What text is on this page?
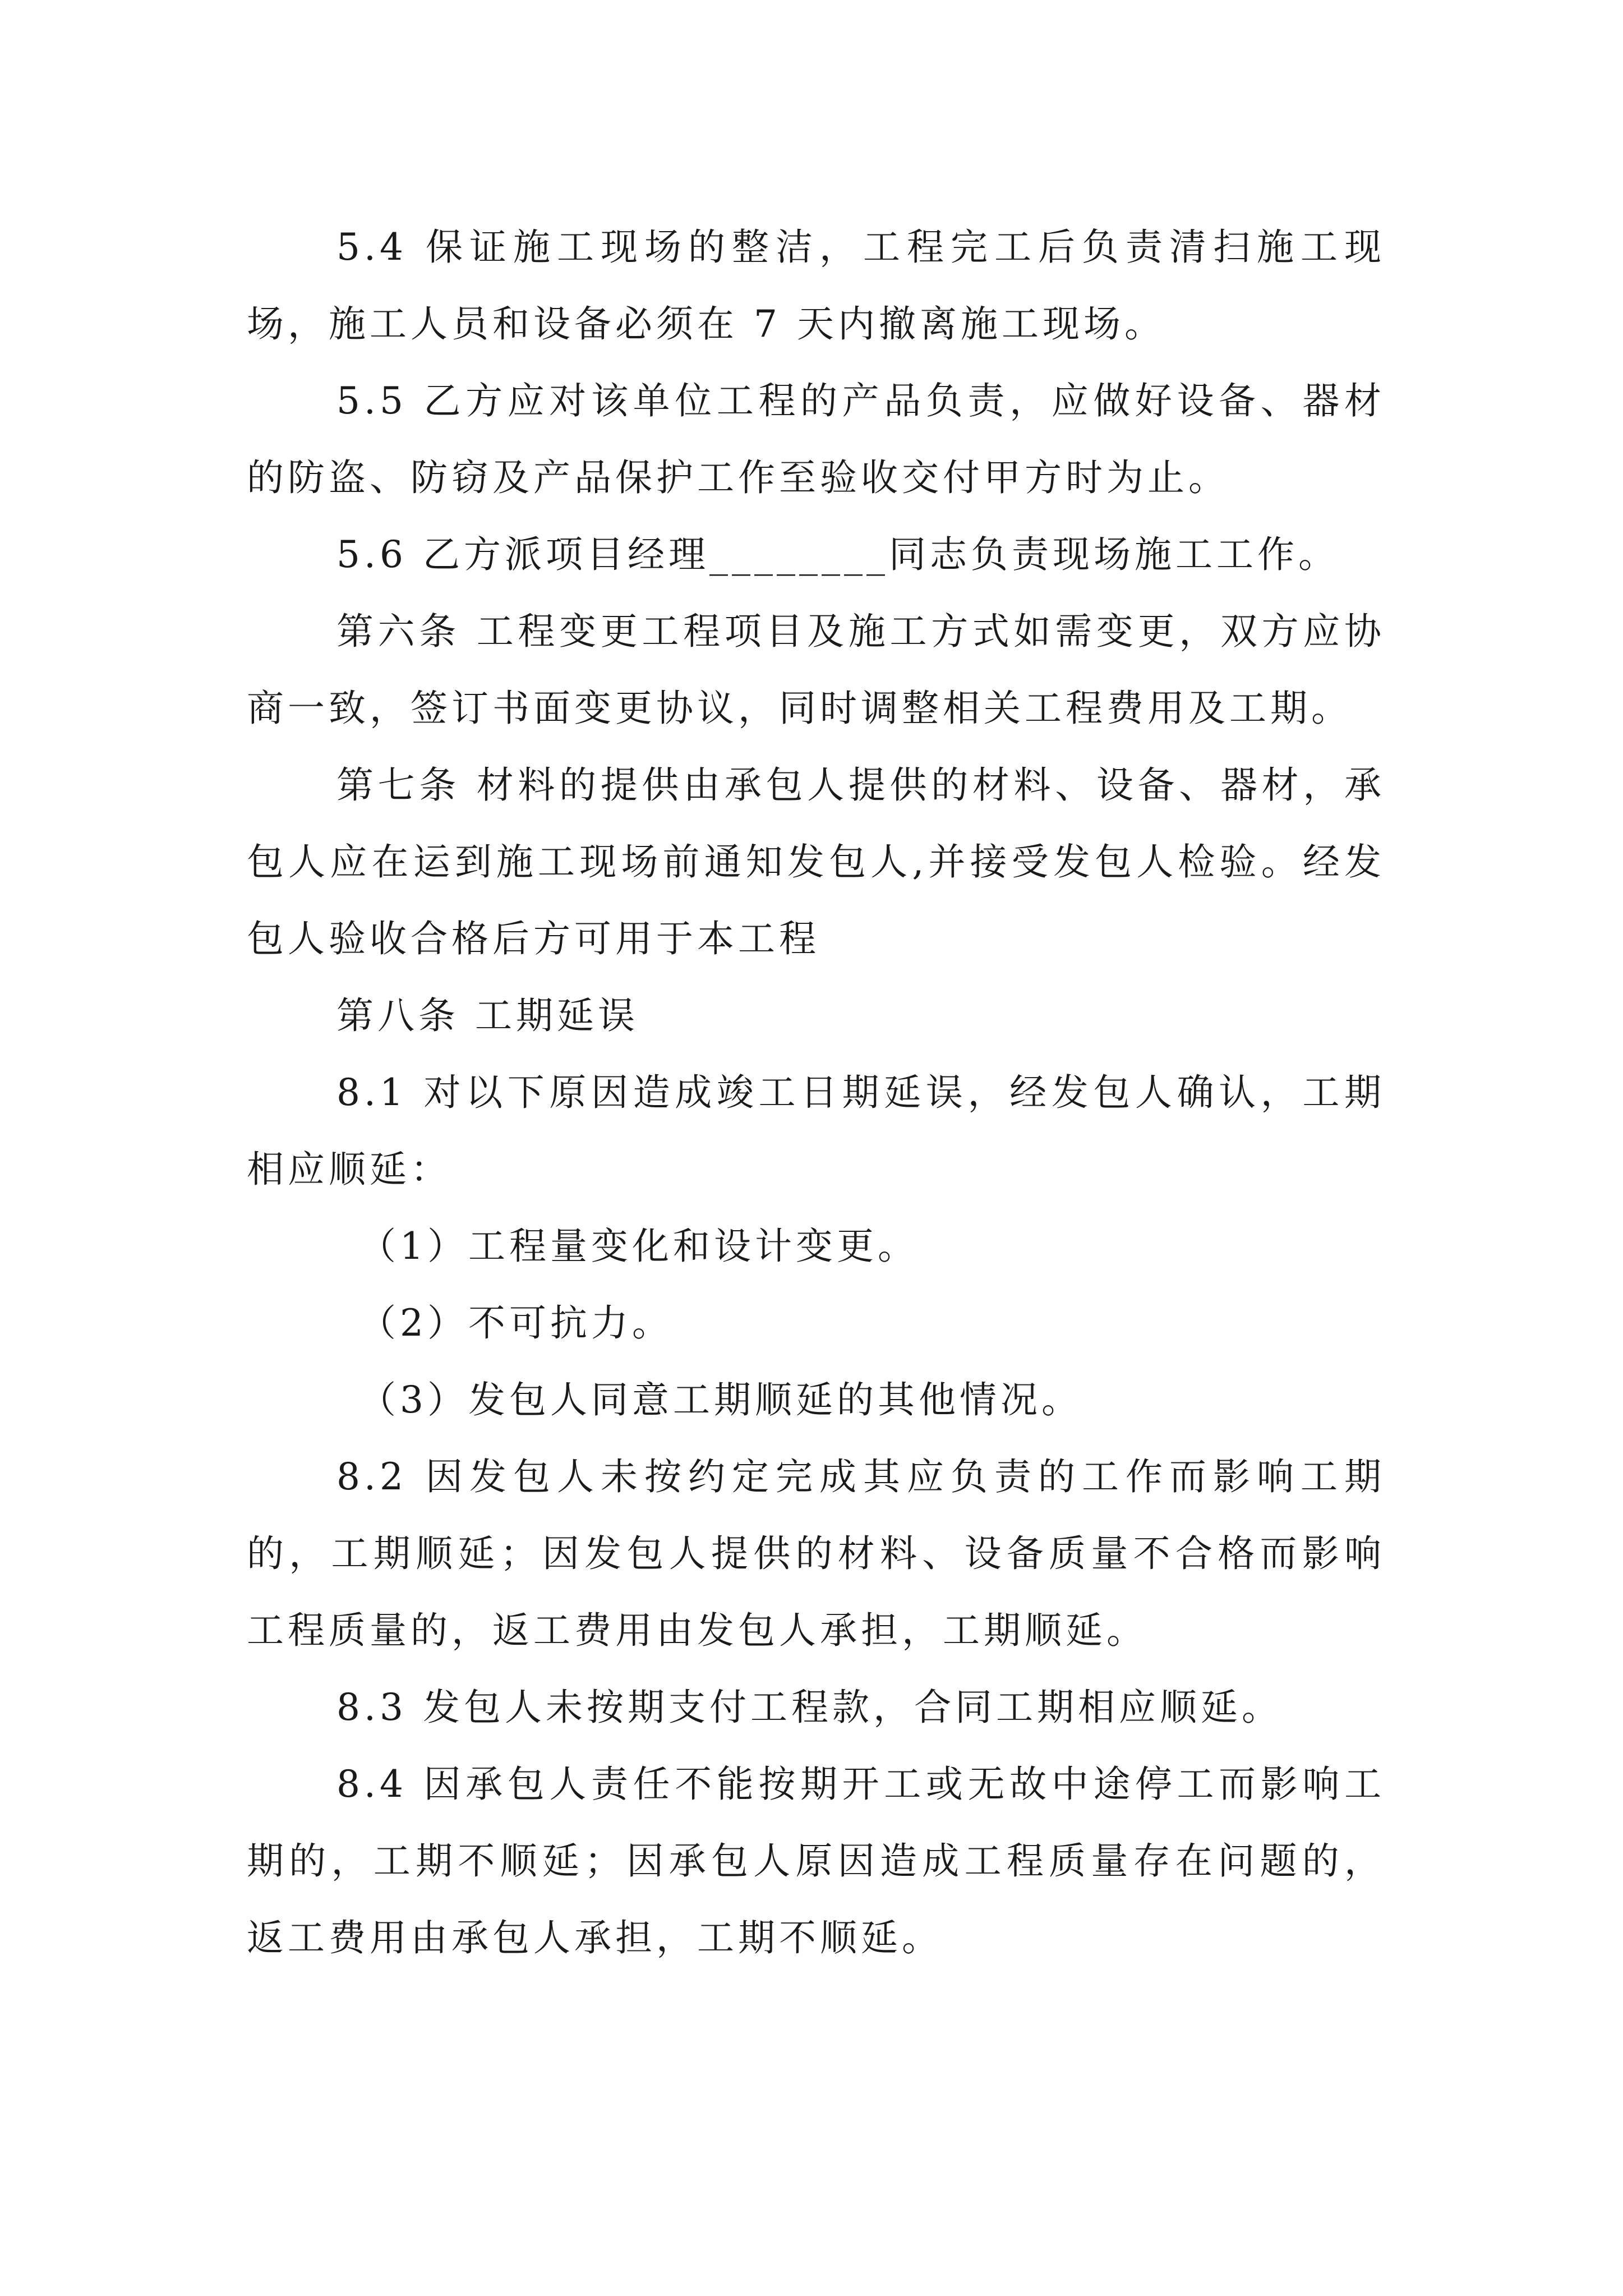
5.4 保证施工现场的整洁，工程完工后负责清扫施工现场，施工人员和设备必须在 7 天内撤离施工现场。

5.5 乙方应对该单位工程的产品负责，应做好设备、器材的防盗、防窃及产品保护工作至验收交付甲方时为止。

5.6 乙方派项目经理________同志负责现场施工工作。

第六条 工程变更工程项目及施工方式如需变更，双方应协商一致，签订书面变更协议，同时调整相关工程费用及工期。

第七条 材料的提供由承包人提供的材料、设备、器材，承包人应在运到施工现场前通知发包人,并接受发包人检验。经发包人验收合格后方可用于本工程

第八条 工期延误

8.1 对以下原因造成竣工日期延误，经发包人确认，工期相应顺延：

（1）工程量变化和设计变更。

（2）不可抗力。

（3）发包人同意工期顺延的其他情况。

8.2 因发包人未按约定完成其应负责的工作而影响工期的，工期顺延；因发包人提供的材料、设备质量不合格而影响工程质量的，返工费用由发包人承担，工期顺延。

8.3 发包人未按期支付工程款，合同工期相应顺延。

8.4 因承包人责任不能按期开工或无故中途停工而影响工期的，工期不顺延；因承包人原因造成工程质量存在问题的，返工费用由承包人承担，工期不顺延。
